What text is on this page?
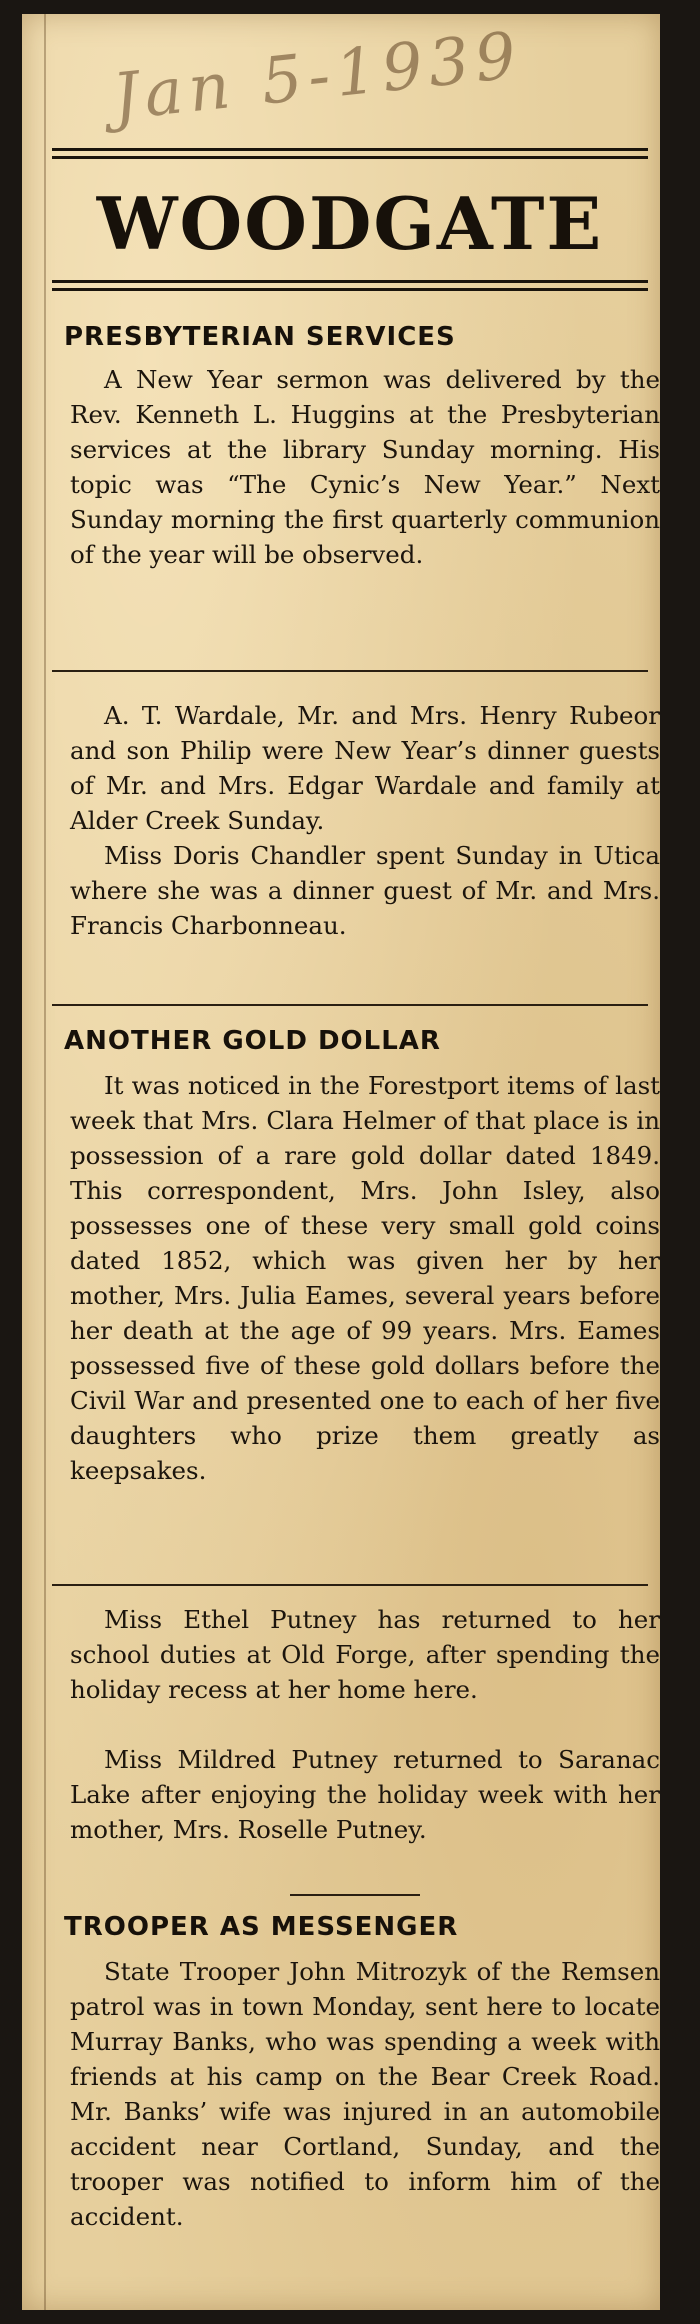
Jan 5-1939
WOODGATE
PRESBYTERIAN SERVICES

A New Year sermon was delivered by the Rev. Kenneth L. Huggins at the Presbyterian services at the library Sunday morning. His topic was “The Cynic’s New Year.” Next Sunday morning the first quarterly communion of the year will be observed.

A. T. Wardale, Mr. and Mrs. Henry Rubeor and son Philip were New Year’s dinner guests of Mr. and Mrs. Edgar Wardale and family at Alder Creek Sunday.

Miss Doris Chandler spent Sunday in Utica where she was a dinner guest of Mr. and Mrs. Francis Charbonneau.

ANOTHER GOLD DOLLAR

It was noticed in the Forestport items of last week that Mrs. Clara Helmer of that place is in possession of a rare gold dollar dated 1849. This correspondent, Mrs. John Isley, also possesses one of these very small gold coins dated 1852, which was given her by her mother, Mrs. Julia Eames, several years before her death at the age of 99 years. Mrs. Eames possessed five of these gold dollars before the Civil War and presented one to each of her five daughters who prize them greatly as keepsakes.

Miss Ethel Putney has returned to her school duties at Old Forge, after spending the holiday recess at her home here.

Miss Mildred Putney returned to Saranac Lake after enjoying the holiday week with her mother, Mrs. Roselle Putney.

TROOPER AS MESSENGER

State Trooper John Mitrozyk of the Remsen patrol was in town Monday, sent here to locate Murray Banks, who was spending a week with friends at his camp on the Bear Creek Road. Mr. Banks’ wife was injured in an automobile accident near Cortland, Sunday, and the trooper was notified to inform him of the accident.
